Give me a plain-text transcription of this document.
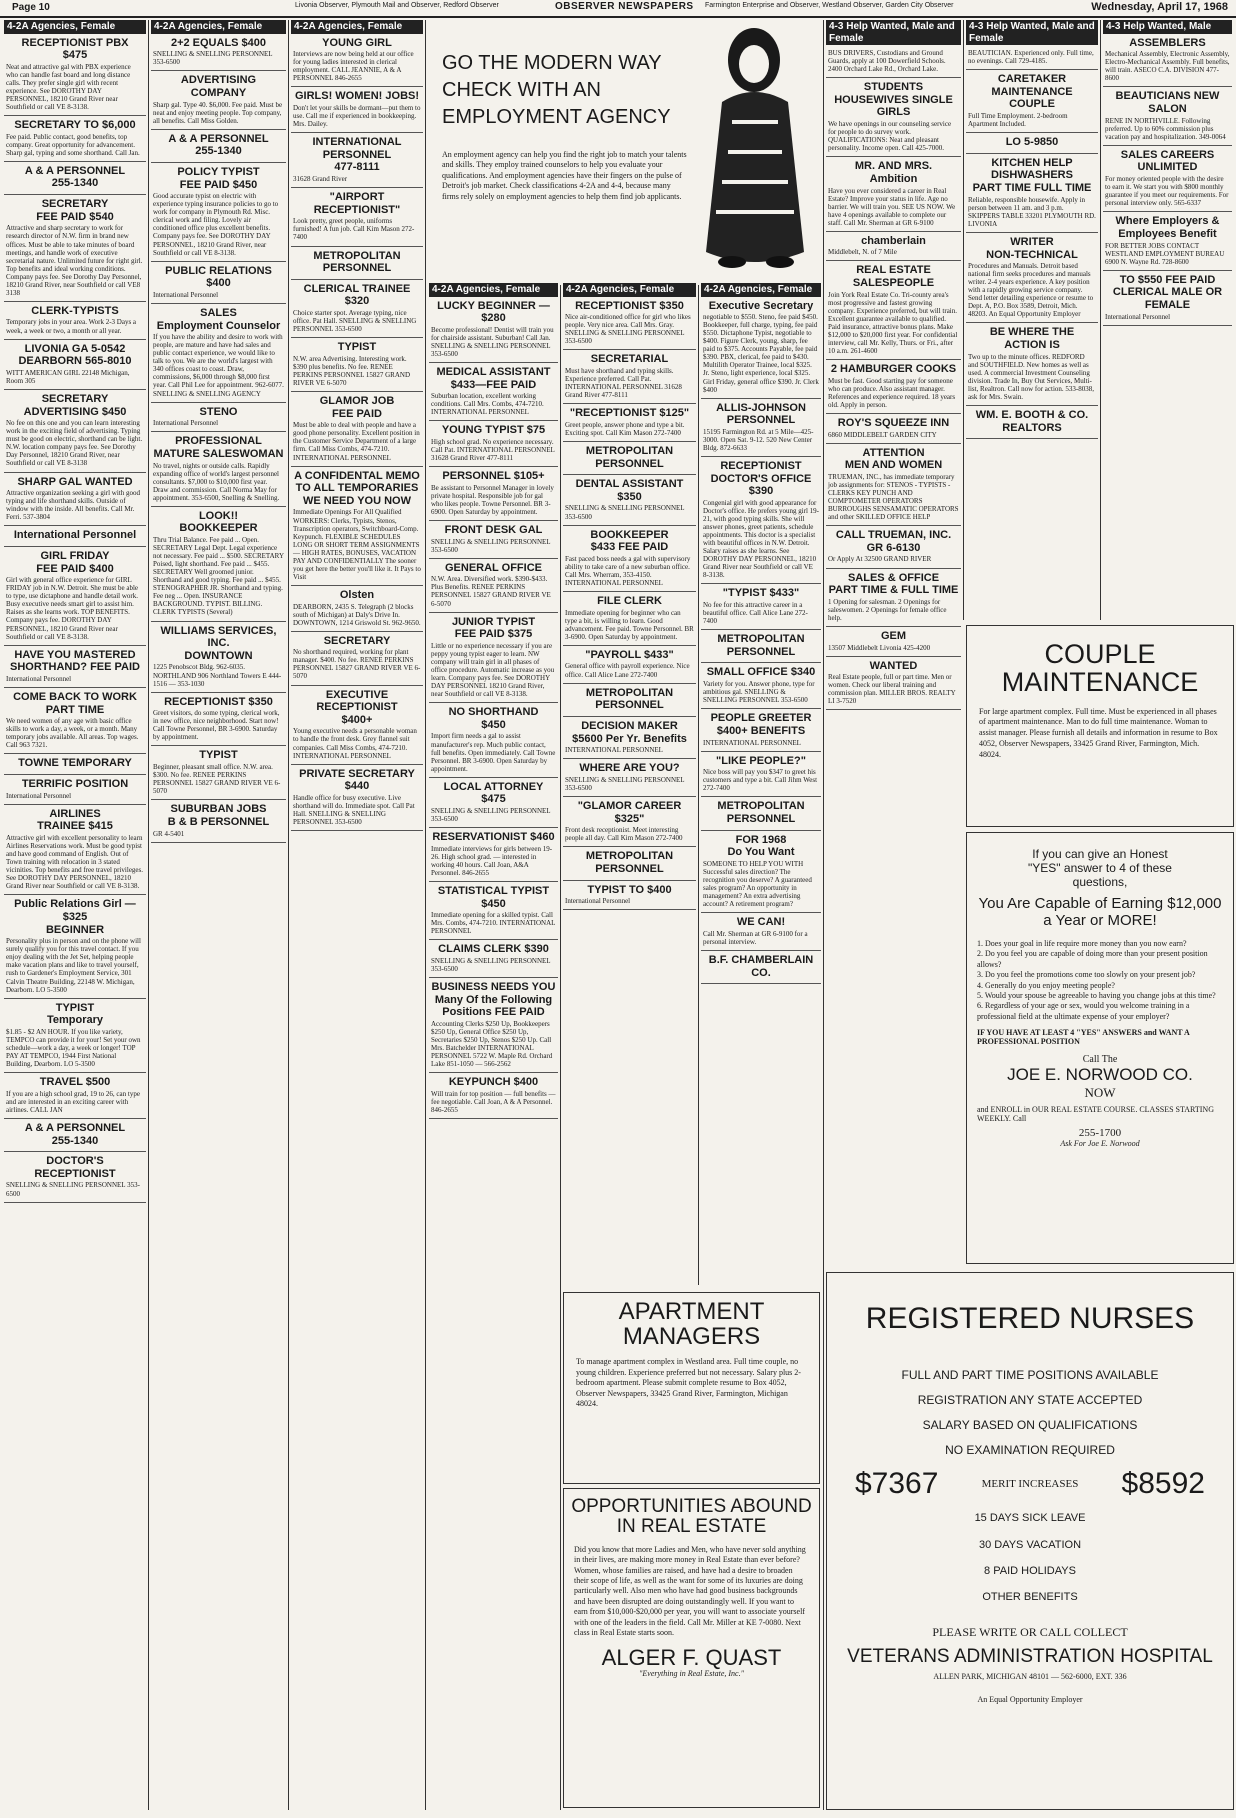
Page 10	Livonia Observer, Plymouth Mail and Observer, Redford Observer	OBSERVER NEWSPAPERS Farmington Enterprise and Observer, Westland Observer, Garden City Observer	Wednesday, April 17, 1968
4-2A Agencies, Female
RECEPTIONIST PBX
$475
Neat and attractive gal with PBX experience who can handle fast board and long distance calls. They prefer single girl with recent experience. See DOROTHY DAY PERSONNEL, 18210 Grand River near Southfield or call VE 8-3138.
SECRETARY TO $6,000
Fee paid. Public contact, good benefits, top company. Great opportunity for advancement. Sharp gal, typing and some shorthand. Call Jan.
A & A PERSONNEL
255-1340
SECRETARY
FEE PAID $540
Attractive and sharp secretary to work for research director of N.W. firm in brand new offices. Must be able to take minutes of board meetings, and handle work of executive secretarial nature. Unlimited future for right girl. Top benefits and ideal working conditions. Company pays fee. See Dorothy Day Personnel, 18210 Grand River, near Southfield or call VE8 3138
CLERK-TYPISTS
Temporary jobs in your area. Work 2-3 Days a week, a week or two, a month or all year.
LIVONIA GA 5-0542
DEARBORN 565-8010
WITT AMERICAN GIRL 22148 Michigan, Room 305
SECRETARY ADVERTISING $450
No fee on this one and you can learn interesting work in the exciting field of advertising. Typing must be good on electric, shorthand can be light. N.W. location company pays fee. See Dorothy Day Personnel, 18210 Grand River, near Southfield or call VE 8-3138
SHARP GAL WANTED
Attractive organization seeking a girl with good typing and life shorthand skills. Outside of window with the inside. All benefits. Call Mr. Ferri. 537-3804
International Personnel
GIRL FRIDAY
FEE PAID $400
Girl with general office experience for GIRL FRIDAY job in N.W. Detroit. She must be able to type, use dictaphone and handle detail work. Busy executive needs smart girl to assist him. Raises as she learns work. TOP BENEFITS. Company pays fee. DOROTHY DAY PERSONNEL, 18210 Grand River near Southfield or call VE 8-3138.
HAVE YOU MASTERED SHORTHAND? FEE PAID
International Personnel
COME BACK TO WORK
PART TIME
We need women of any age with basic office skills to work a day, a week, or a month. Many temporary jobs available. All areas. Top wages. Call 963 7321.
TOWNE TEMPORARY
TERRIFIC POSITION
International Personnel
AIRLINES
TRAINEE $415
Attractive girl with excellent personality to learn Airlines Reservations work. Must be good typist and have good command of English. Out of Town training with relocation in 3 stated vicinities. Top benefits and free travel privileges. See DOROTHY DAY PERSONNEL, 18210 Grand River near Southfield or call VE 8-3138.
Public Relations Girl — $325
BEGINNER
Personality plus in person and on the phone will surely qualify you for this travel contact. If you enjoy dealing with the Jet Set, helping people make vacation plans and like to travel yourself, rush to Gardener's Employment Service, 301 Calvin Theatre Building, 22148 W. Michigan, Dearborn. LO 5-3500
TYPIST
Temporary
$1.85 - $2 AN HOUR. If you like variety, TEMPCO can provide it for your! Set your own schedule—work a day, a week or longer! TOP PAY AT TEMPCO, 1944 First National Building, Dearborn. LO 5-3500
TRAVEL $500
If you are a high school grad, 19 to 26, can type and are interested in an exciting career with airlines. CALL JAN
A & A PERSONNEL
255-1340
DOCTOR'S RECEPTIONIST
SNELLING & SNELLING PERSONNEL 353-6500
4-2A Agencies, Female
2+2 EQUALS $400
SNELLING & SNELLING PERSONNEL 353-6500
ADVERTISING COMPANY
Sharp gal. Type 40. $6,000. Fee paid. Must be neat and enjoy meeting people. Top company, all benefits. Call Miss Golden.
A & A PERSONNEL
255-1340
POLICY TYPIST
FEE PAID $450
Good accurate typist on electric with experience typing insurance policies to go to work for company in Plymouth Rd. Misc. clerical work and filing. Lovely air conditioned office plus excellent benefits. Company pays fee. See DOROTHY DAY PERSONNEL, 18210 Grand River, near Southfield or call VE 8-3138.
PUBLIC RELATIONS $400
International Personnel
SALES
Employment Counselor
If you have the ability and desire to work with people, are mature and have had sales and public contact experience, we would like to talk to you. We are the world's largest with 340 offices coast to coast. Draw, commissions, $6,000 through $8,000 first year. Call Phil Lee for appointment. 962-6077. SNELLING & SNELLING AGENCY
STENO
International Personnel
PROFESSIONAL MATURE SALESWOMAN
No travel, nights or outside calls. Rapidly expanding office of world's largest personnel consultants. $7,000 to $10,000 first year. Draw and commission. Call Norma May for appointment. 353-6500, Snelling & Snelling.
LOOK!!
BOOKKEEPER
Thru Trial Balance. Fee paid ... Open. SECRETARY Legal Dept. Legal experience not necessary. Fee paid ... $500. SECRETARY Poised, light shorthand. Fee paid ... $455. SECRETARY Well groomed junior. Shorthand and good typing. Fee paid ... $455. STENOGRAPHER JR. Shorthand and typing. Fee neg ... Open. INSURANCE BACKGROUND. TYPIST. BILLING. CLERK TYPISTS (Several)
WILLIAMS SERVICES, INC.
DOWNTOWN
1225 Penobscot Bldg. 962-6035. NORTHLAND 906 Northland Towers E 444-1516 — 353-1030
RECEPTIONIST $350
Greet visitors, do some typing, clerical work, in new office, nice neighborhood. Start now! Call Towne Personnel, BR 3-6900. Saturday by appointment.
TYPIST
Beginner, pleasant small office. N.W. area. $300. No fee. RENEE PERKINS PERSONNEL 15827 GRAND RIVER VE 6-5070
SUBURBAN JOBS
B & B PERSONNEL
GR 4-5401
4-2A Agencies, Female
YOUNG GIRL
Interviews are now being held at our office for young ladies interested in clerical employment. CALL JEANNIE, A & A PERSONNEL 846-2655
GIRLS! WOMEN! JOBS!
Don't let your skills be dormant—put them to use. Call me if experienced in bookkeeping. Mrs. Dailey.
INTERNATIONAL PERSONNEL
477-8111
31628 Grand River
"AIRPORT RECEPTIONIST"
Look pretty, greet people, uniforms furnished! A fun job. Call Kim Mason 272-7400
METROPOLITAN PERSONNEL
CLERICAL TRAINEE $320
Choice starter spot. Average typing, nice office. Pat Hall. SNELLING & SNELLING PERSONNEL 353-6500
TYPIST
N.W. area Advertising. Interesting work. $390 plus benefits. No fee. RENEE PERKINS PERSONNEL 15827 GRAND RIVER VE 6-5070
GLAMOR JOB
FEE PAID
Must be able to deal with people and have a good phone personality. Excellent position in the Customer Service Department of a large firm. Call Miss Combs, 474-7210. INTERNATIONAL PERSONNEL
A CONFIDENTAL MEMO TO ALL TEMPORARIES
WE NEED YOU NOW
Immediate Openings For All Qualified WORKERS: Clerks, Typists, Stenos, Transcription operators, Switchboard-Comp. Keypunch. FLEXIBLE SCHEDULES LONG OR SHORT TERM ASSIGNMENTS — HIGH RATES, BONUSES, VACATION PAY AND CONFIDENTIALLY The sooner you get here the better you'll like it. It Pays to Visit
Olsten
DEARBORN, 2435 S. Telegraph (2 blocks south of Michigan) at Daly's Drive In. DOWNTOWN, 1214 Griswold St. 962-9650.
SECRETARY
No shorthand required, working for plant manager. $400. No fee. RENEE PERKINS PERSONNEL 15827 GRAND RIVER VE 6-5070
EXECUTIVE RECEPTIONIST
$400+
Young executive needs a personable woman to handle the front desk. Grey flannel suit companies. Call Miss Combs, 474-7210. INTERNATIONAL PERSONNEL
PRIVATE SECRETARY $440
Handle office for busy executive. Live shorthand will do. Immediate spot. Call Pat Hall. SNELLING & SNELLING PERSONNEL 353-6500
GO THE MODERN WAY
CHECK WITH AN EMPLOYMENT AGENCY
An employment agency can help you find the right job to match your talents and skills. They employ trained counselors to help you evaluate your qualifications. And employment agencies have their fingers on the pulse of Detroit's job market. Check classifications 4-2A and 4-4, because many firms rely solely on employment agencies to help them find job applicants.
4-2A Agencies, Female
LUCKY BEGINNER — $280
Become professional! Dentist will train you for chairside assistant. Suburban! Call Jan. SNELLING & SNELLING PERSONNEL 353-6500
MEDICAL ASSISTANT
$433—FEE PAID
Suburban location, excellent working conditions. Call Mrs. Combs, 474-7210. INTERNATIONAL PERSONNEL
YOUNG TYPIST $75
High school grad. No experience necessary. Call Pat. INTERNATIONAL PERSONNEL 31628 Grand River 477-8111
PERSONNEL $105+
Be assistant to Personnel Manager in lovely private hospital. Responsible job for gal who likes people. Towne Personnel. BR 3-6900. Open Saturday by appointment.
FRONT DESK GAL
SNELLING & SNELLING PERSONNEL 353-6500
GENERAL OFFICE
N.W. Area. Diversified work. $390-$433. Plus Benefits. RENEE PERKINS PERSONNEL 15827 GRAND RIVER VE 6-5070
JUNIOR TYPIST
FEE PAID $375
Little or no experience necessary if you are peppy young typist eager to learn. NW company will train girl in all phases of office procedure. Automatic increase as you learn. Company pays fee. See DOROTHY DAY PERSONNEL 18210 Grand River, near Southfield or call VE 8-3138.
NO SHORTHAND
$450
Import firm needs a gal to assist manufacturer's rep. Much public contact, full benefits. Open immediately. Call Towne Personnel. BR 3-6900. Open Saturday by appointment.
LOCAL ATTORNEY $475
SNELLING & SNELLING PERSONNEL 353-6500
RESERVATIONIST $460
Immediate interviews for girls between 19-26. High school grad. — interested in working 40 hours. Call Joan, A&A Personnel. 846-2655
STATISTICAL TYPIST
$450
Immediate opening for a skilled typist. Call Mrs. Combs, 474-7210. INTERNATIONAL PERSONNEL
CLAIMS CLERK $390
SNELLING & SNELLING PERSONNEL 353-6500
BUSINESS NEEDS YOU
Many Of the Following Positions FEE PAID
Accounting Clerks $250 Up, Bookkeepers $250 Up, General Office $250 Up, Secretaries $250 Up, Stenos $250 Up. Call Mrs. Batchelder INTERNATIONAL PERSONNEL 5722 W. Maple Rd. Orchard Lake 851-1050 — 566-2562
KEYPUNCH $400
Will train for top position — full benefits — fee negotiable. Call Joan, A & A Personnel. 846-2655
4-2A Agencies, Female
RECEPTIONIST $350
Nice air-conditioned office for girl who likes people. Very nice area. Call Mrs. Gray. SNELLING & SNELLING PERSONNEL 353-6500
SECRETARIAL
Must have shorthand and typing skills. Experience preferred. Call Pat. INTERNATIONAL PERSONNEL 31628 Grand River 477-8111
"RECEPTIONIST $125"
Greet people, answer phone and type a bit. Exciting spot. Call Kim Mason 272-7400
METROPOLITAN PERSONNEL
DENTAL ASSISTANT $350
SNELLING & SNELLING PERSONNEL 353-6500
BOOKKEEPER
$433 FEE PAID
Fast paced boss needs a gal with supervisory ability to take care of a new suburban office. Call Mrs. Wherram, 353-4150. INTERNATIONAL PERSONNEL
FILE CLERK
Immediate opening for beginner who can type a bit, is willing to learn. Good advancement. Fee paid. Towne Personnel. BR 3-6900. Open Saturday by appointment.
"PAYROLL $433"
General office with payroll experience. Nice office. Call Alice Lane 272-7400
METROPOLITAN PERSONNEL
DECISION MAKER
$5600 Per Yr. Benefits
INTERNATIONAL PERSONNEL
WHERE ARE YOU?
SNELLING & SNELLING PERSONNEL 353-6500
"GLAMOR CAREER $325"
Front desk receptionist. Meet interesting people all day. Call Kim Mason 272-7400
METROPOLITAN PERSONNEL
TYPIST TO $400
International Personnel
4-2A Agencies, Female
Executive Secretary
negotiable to $550. Steno, fee paid $450. Bookkeeper, full charge, typing, fee paid $550. Dictaphone Typist, negotiable to $400. Figure Clerk, young, sharp, fee paid to $375. Accounts Payable, fee paid $390. PBX, clerical, fee paid to $430. Multilith Operator Trainee, local $325. Jr. Steno, light experience, local $325. Girl Friday, general office $390. Jr. Clerk $400
ALLIS-JOHNSON PERSONNEL
15195 Farmington Rd. at 5 Mile—425-3000. Open Sat. 9-12. 520 New Center Bldg. 872-6633
RECEPTIONIST
DOCTOR'S OFFICE $390
Congenial girl with good appearance for Doctor's office. He prefers young girl 19-21, with good typing skills. She will answer phones, greet patients, schedule appointments. This doctor is a specialist with beautiful offices in N.W. Detroit. Salary raises as she learns. See DOROTHY DAY PERSONNEL, 18210 Grand River near Southfield or call VE 8-3138.
"TYPIST $433"
No fee for this attractive career in a beautiful office. Call Alice Lane 272-7400
METROPOLITAN PERSONNEL
SMALL OFFICE $340
Variety for you. Answer phone, type for ambitious gal. SNELLING & SNELLING PERSONNEL 353-6500
PEOPLE GREETER
$400+ BENEFITS
INTERNATIONAL PERSONNEL
"LIKE PEOPLE?"
Nice boss will pay you $347 to greet his customers and type a bit. Call Jihm West 272-7400
METROPOLITAN PERSONNEL
FOR 1968
Do You Want
SOMEONE TO HELP YOU WITH Successful sales direction? The recognition you deserve? A guaranteed sales program? An opportunity in management? An extra advertising account? A retirement program?
WE CAN!
Call Mr. Sherman at GR 6-9100 for a personal interview.
B.F. CHAMBERLAIN CO.
APARTMENT MANAGERS
To manage apartment complex in Westland area. Full time couple, no young children. Experience preferred but not necessary. Salary plus 2-bedroom apartment. Please submit complete resume to Box 4052, Observer Newspapers, 33425 Grand River, Farmington, Michigan 48024.
OPPORTUNITIES ABOUND IN REAL ESTATE
Did you know that more Ladies and Men, who have never sold anything in their lives, are making more money in Real Estate than ever before? Women, whose families are raised, and have had a desire to broaden their scope of life, as well as the want for some of its luxuries are doing particularly well. Also men who have had good business backgrounds and have been disrupted are doing outstandingly well. If you want to earn from $10,000-$20,000 per year, you will want to associate yourself with one of the leaders in the field. Call Mr. Miller at KE 7-0080. Next class in Real Estate starts soon.
ALGER F. QUAST
"Everything in Real Estate, Inc."
4-3 Help Wanted, Male and Female
BUS DRIVERS, Custodians and Ground Guards, apply at 100 Dowerfield Schools. 2400 Orchard Lake Rd., Orchard Lake.
STUDENTS HOUSEWIVES SINGLE GIRLS
We have openings in our counseling service for people to do survey work. QUALIFICATIONS: Neat and pleasant personality. Income open. Call 425-7000.
MR. AND MRS.
Ambition
Have you ever considered a career in Real Estate? Improve your status in life. Age no barrier. We will train you. SEE US NOW. We have 4 openings available to complete our staff. Call Mr. Sherman at GR 6-9100
chamberlain
Middlebelt, N. of 7 Mile
REAL ESTATE SALESPEOPLE
Join York Real Estate Co. Tri-county area's most progressive and fastest growing company. Experience preferred, but will train. Excellent guarantee available to qualified. Paid insurance, attractive bonus plans. Make $12,000 to $20,000 first year. For confidential interview, call Mr. Kelly, Thurs. or Fri., after 10 a.m. 261-4600
2 HAMBURGER COOKS
Must be fast. Good starting pay for someone who can produce. Also assistant manager. References and experience required. 18 years old. Apply in person.
ROY'S SQUEEZE INN
6860 MIDDLEBELT GARDEN CITY
ATTENTION
MEN AND WOMEN
TRUEMAN, INC., has immediate temporary job assignments for: STENOS - TYPISTS - CLERKS KEY PUNCH AND COMPTOMETER OPERATORS BURROUGHS SENSAMATIC OPERATORS and other SKILLED OFFICE HELP
CALL TRUEMAN, INC.
GR 6-6130
Or Apply At 32500 GRAND RIVER
SALES & OFFICE
PART TIME & FULL TIME
1 Opening for salesman. 2 Openings for saleswomen. 2 Openings for female office help.
GEM
13507 Middlebelt Livonia 425-4200
WANTED
Real Estate people, full or part time. Men or women. Check our liberal training and commission plan. MILLER BROS. REALTY LI 3-7520
4-3 Help Wanted, Male and Female
BEAUTICIAN. Experienced only. Full time, no evenings. Call 729-4185.
CARETAKER MAINTENANCE
COUPLE
Full Time Employment. 2-bedroom Apartment Included.
LO 5-9850
KITCHEN HELP DISHWASHERS
PART TIME FULL TIME
Reliable, responsible housewife. Apply in person between 11 am. and 3 p.m. SKIPPERS TABLE 33201 PLYMOUTH RD. LIVONIA
WRITER
NON-TECHNICAL
Procedures and Manuals. Detroit based national firm seeks procedures and manuals writer. 2-4 years experience. A key position with a rapidly growing service company. Send letter detailing experience or resume to Dept. A, P.O. Box 3589, Detroit, Mich. 48203. An Equal Opportunity Employer
BE WHERE THE
ACTION IS
Two up to the minute offices. REDFORD and SOUTHFIELD. New homes as well as used. A commercial Investment Counseling division. Trade In, Buy Out Services, Multi-list, Realtron. Call now for action. 533-8038, ask for Mrs. Swain.
WM. E. BOOTH & CO. REALTORS
4-3 Help Wanted, Male
ASSEMBLERS
Mechanical Assembly, Electronic Assembly, Electro-Mechanical Assembly. Full benefits, will train. ASECO C.A. DIVISION 477-8600
BEAUTICIANS NEW SALON
RENE IN NORTHVILLE. Following preferred. Up to 60% commission plus vacation pay and hospitalization. 349-0064
SALES CAREERS UNLIMITED
For money oriented people with the desire to earn it. We start you with $800 monthly guarantee if you meet our requirements. For personal interview only. 565-6337
Where Employers & Employees Benefit
FOR BETTER JOBS CONTACT WESTLAND EMPLOYMENT BUREAU 6900 N. Wayne Rd. 728-8600
TO $550 FEE PAID
CLERICAL MALE OR FEMALE
International Personnel
COUPLE MAINTENANCE
For large apartment complex. Full time. Must be experienced in all phases of apartment maintenance. Man to do full time maintenance. Woman to assist manager. Please furnish all details and information in resume to Box 4052, Observer Newspapers, 33425 Grand River, Farmington, Mich. 48024.
If you can give an Honest "YES" answer to 4 of these questions,
You Are Capable of Earning $12,000 a Year or MORE!
1. Does your goal in life require more money than you now earn?
2. Do you feel you are capable of doing more than your present position allows?
3. Do you feel the promotions come too slowly on your present job?
4. Generally do you enjoy meeting people?
5. Would your spouse be agreeable to having you change jobs at this time?
6. Regardless of your age or sex, would you welcome training in a professional field at the ultimate expense of your employer?
IF YOU HAVE AT LEAST 4 "YES" ANSWERS and WANT A PROFESSIONAL POSITION
Call The
JOE E. NORWOOD CO.
NOW
and ENROLL in OUR REAL ESTATE COURSE. CLASSES STARTING WEEKLY. Call
255-1700
Ask For Joe E. Norwood
REGISTERED NURSES
FULL AND PART TIME POSITIONS AVAILABLE
REGISTRATION ANY STATE ACCEPTED
SALARY BASED ON QUALIFICATIONS
NO EXAMINATION REQUIRED
$7367	MERIT INCREASES $8592
15 DAYS SICK LEAVE
30 DAYS VACATION
8 PAID HOLIDAYS
OTHER BENEFITS
PLEASE WRITE OR CALL COLLECT
VETERANS ADMINISTRATION HOSPITAL
ALLEN PARK, MICHIGAN 48101 — 562-6000, EXT. 336
An Equal Opportunity Employer
